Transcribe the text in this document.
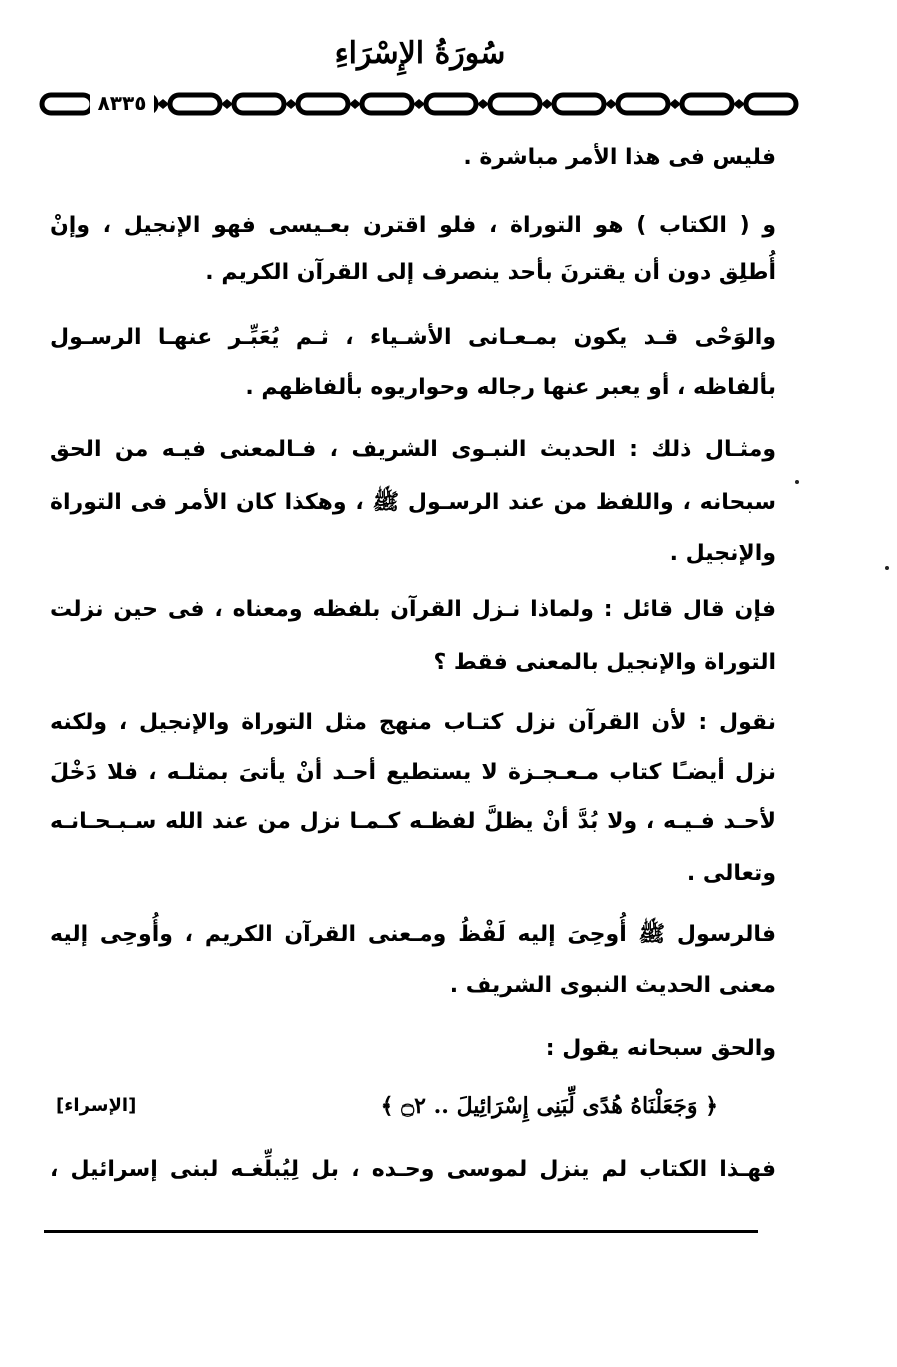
سُورَةُ الإِسْرَاءِ
٨٣٣٥
فليس فى هذا الأمر مباشرة .
و ( الكتاب ) هو التوراة ، فلو اقترن بعـيسى فهو الإنجيل ، وإنْ
أُطلِق دون أن يقترنَ بأحد ينصرف إلى القرآن الكريم .
والوَحْى قـد يكون بمـعـانى الأشـياء ، ثـم يُعَبِّـر عنهـا الرسـول
بألفاظه ، أو يعبر عنها رجاله وحواريوه بألفاظهم .
ومثـال ذلك : الحديث النبـوى الشريف ، فـالمعنى فيـه من الحق
سبحانه ، واللفظ من عند الرسـول ﷺ ، وهكذا كان الأمر فى التوراة
والإنجيل .
فإن قال قائل : ولماذا نـزل القرآن بلفظه ومعناه ، فى حين نزلت
التوراة والإنجيل بالمعنى فقط ؟
نقول : لأن القرآن نزل كتـاب منهج مثل التوراة والإنجيل ، ولكنه
نزل أيضـًا كتاب مـعـجـزة لا يستطيع أحـد أنْ يأتىَ بمثلـه ، فلا دَخْلَ
لأحـد فـيـه ، ولا بُدَّ أنْ يظلَّ لفظـه كـمـا نزل من عند الله سـبـحـانـه
وتعالى .
فالرسول ﷺ أُوحِىَ إليه لَفْظُ ومـعنى القرآن الكريم ، وأُوحِى إليه
معنى الحديث النبوى الشريف .
والحق سبحانه يقول :
﴿ وَجَعَلْنَاهُ هُدًى لِّبَنِى إِسْرَائِيلَ .. ۝٢ ﴾
[الإسراء]
فهـذا الكتاب لم ينزل لموسى وحـده ، بل لِيُبلِّغـه لبنى إسرائيل ،
